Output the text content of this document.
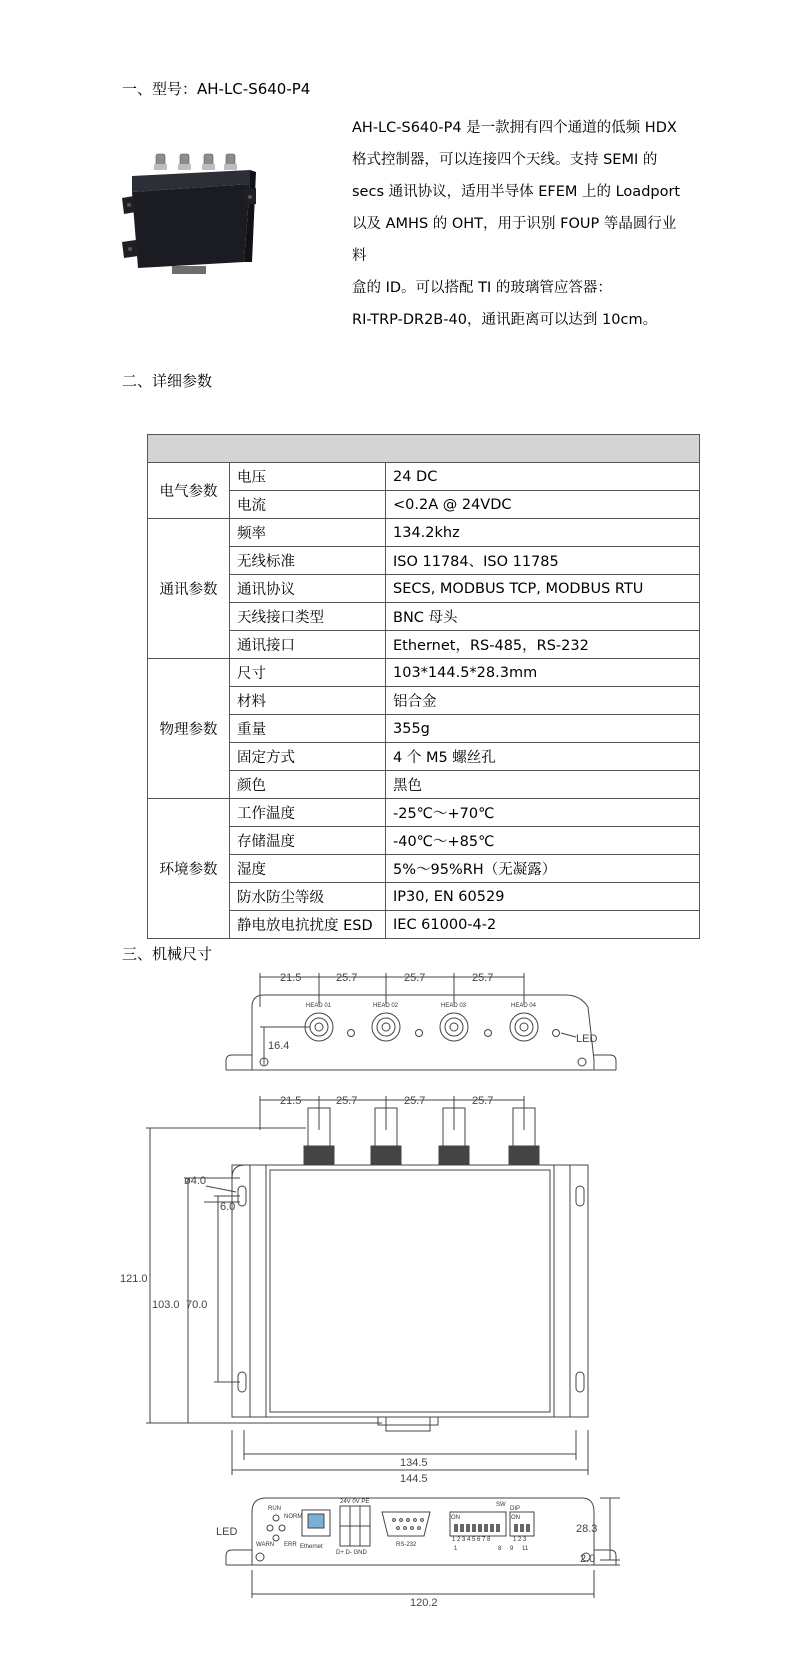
一、型号：AH-LC-S640-P4

AH-LC-S640-P4 是一款拥有四个通道的低频 HDX

格式控制器，可以连接四个天线。支持 SEMI 的

secs 通讯协议，适用半导体 EFEM 上的 Loadport

以及 AMHS 的 OHT，用于识别 FOUP 等晶圆行业料

盒的 ID。可以搭配 TI 的玻璃管应答器：

RI-TRP-DR2B-40，通讯距离可以达到 10cm。

二、详细参数

电气参数	电压	24 DC
	电流	<0.2A @ 24VDC
通讯参数	频率	134.2khz
	无线标准	ISO 11784、ISO 11785
	通讯协议	SECS, MODBUS TCP, MODBUS RTU
	天线接口类型	BNC 母头
	通讯接口	Ethernet，RS-485，RS-232
物理参数	尺寸	103*144.5*28.3mm
	材料	铝合金
	重量	355g
	固定方式	4 个 M5 螺丝孔
	颜色	黑色
环境参数	工作温度	-25℃～+70℃
	存储温度	-40℃～+85℃
	湿度	5%～95%RH（无凝露）
	防水防尘等级	IP30, EN 60529
	静电放电抗扰度 ESD	IEC 61000-4-2
三、机械尺寸
21.5	25.7	25.7	25.7
16.4
HEAD 01	HEAD 02	HEAD 03	HEAD 04
LED
21.5	25.7	25.7	25.7
ø4.0
6.0
121.0
103.0 70.0
134.5
144.5
LED
RUN
NORM
WARN ERR
24V 0V PE
Ethernet
D+ D- GND
RS-232
SW
ON	ON
DIP
1 2 3 4 5 6 7 8	1 2 3
1	8 9 11
28.3
2.0
120.2
